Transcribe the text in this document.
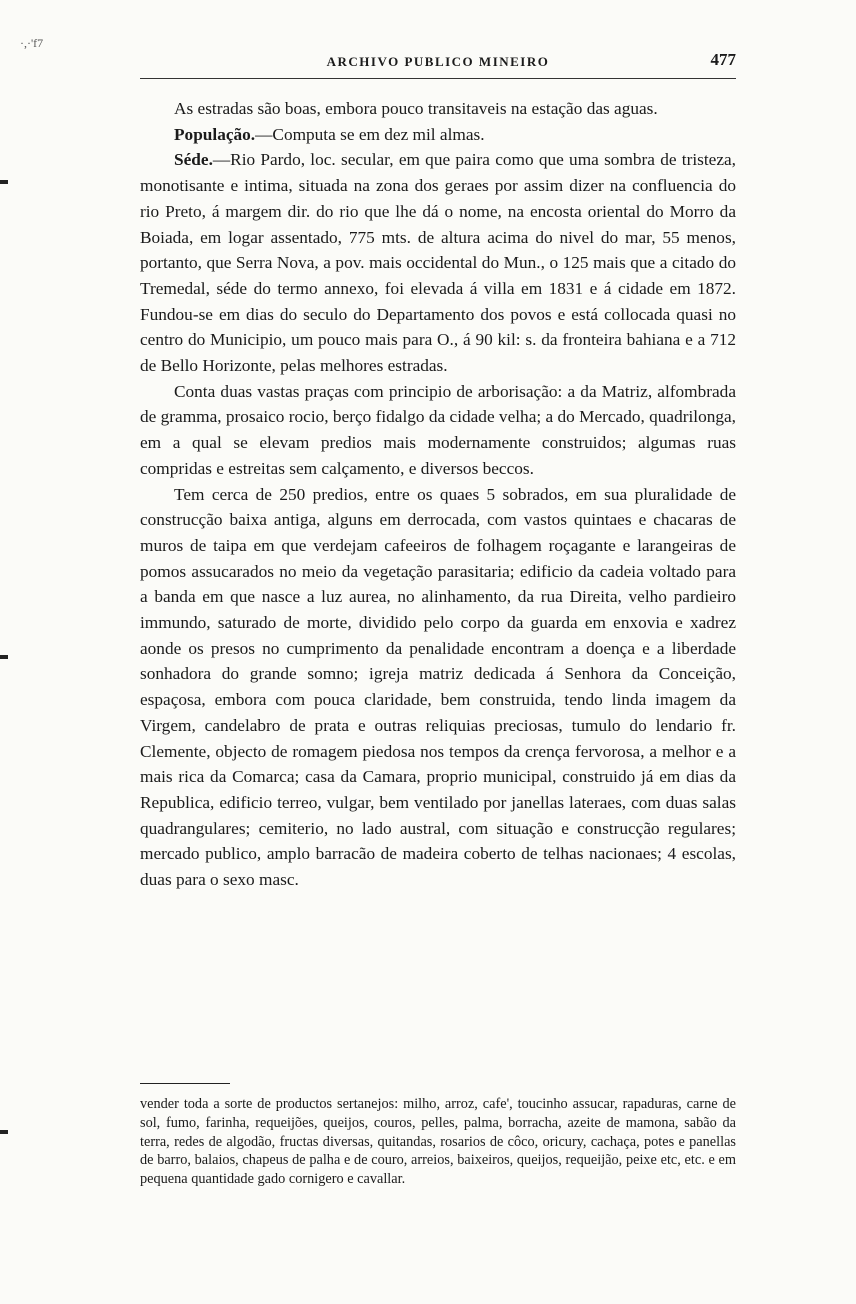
·,·'f7
ARCHIVO PUBLICO MINEIRO	477

As estradas são boas, embora pouco transitaveis na estação das aguas.

População.—Computa se em dez mil almas.

Séde.—Rio Pardo, loc. secular, em que paira como que uma sombra de tristeza, monotisante e intima, situada na zona dos geraes por assim dizer na confluencia do rio Preto, á margem dir. do rio que lhe dá o nome, na encosta oriental do Morro da Boiada, em logar assentado, 775 mts. de altura acima do nivel do mar, 55 menos, portanto, que Serra Nova, a pov. mais occidental do Mun., o 125 mais que a citado do Tremedal, séde do termo annexo, foi elevada á villa em 1831 e á cidade em 1872. Fundou-se em dias do seculo do Departamento dos povos e está collocada quasi no centro do Municipio, um pouco mais para O., á 90 kil: s. da fronteira bahiana e a 712 de Bello Horizonte, pelas melhores estradas.

Conta duas vastas praças com principio de arborisação: a da Matriz, alfombrada de gramma, prosaico rocio, berço fidalgo da cidade velha; a do Mercado, quadrilonga, em a qual se elevam predios mais modernamente construidos; algumas ruas compridas e estreitas sem calçamento, e diversos beccos.

Tem cerca de 250 predios, entre os quaes 5 sobrados, em sua pluralidade de construcção baixa antiga, alguns em derrocada, com vastos quintaes e chacaras de muros de taipa em que verdejam cafeeiros de folhagem roçagante e larangeiras de pomos assucarados no meio da vegetação parasitaria; edificio da cadeia voltado para a banda em que nasce a luz aurea, no alinhamento, da rua Direita, velho pardieiro immundo, saturado de morte, dividido pelo corpo da guarda em enxovia e xadrez aonde os presos no cumprimento da penalidade encontram a doença e a liberdade sonhadora do grande somno; igreja matriz dedicada á Senhora da Conceição, espaçosa, embora com pouca claridade, bem construida, tendo linda imagem da Virgem, candelabro de prata e outras reliquias preciosas, tumulo do lendario fr. Clemente, objecto de romagem piedosa nos tempos da crença fervorosa, a melhor e a mais rica da Comarca; casa da Camara, proprio municipal, construido já em dias da Republica, edificio terreo, vulgar, bem ventilado por janellas lateraes, com duas salas quadrangulares; cemiterio, no lado austral, com situação e construcção regulares; mercado publico, amplo barracão de madeira coberto de telhas nacionaes; 4 escolas, duas para o sexo masc.

vender toda a sorte de productos sertanejos: milho, arroz, cafe', toucinho assucar, rapaduras, carne de sol, fumo, farinha, requeijões, queijos, couros, pelles, palma, borracha, azeite de mamona, sabão da terra, redes de algodão, fructas diversas, quitandas, rosarios de côco, oricury, cachaça, potes e panellas de barro, balaios, chapeus de palha e de couro, arreios, baixeiros, queijos, requeijão, peixe etc, etc. e em pequena quantidade gado cornigero e cavallar.
